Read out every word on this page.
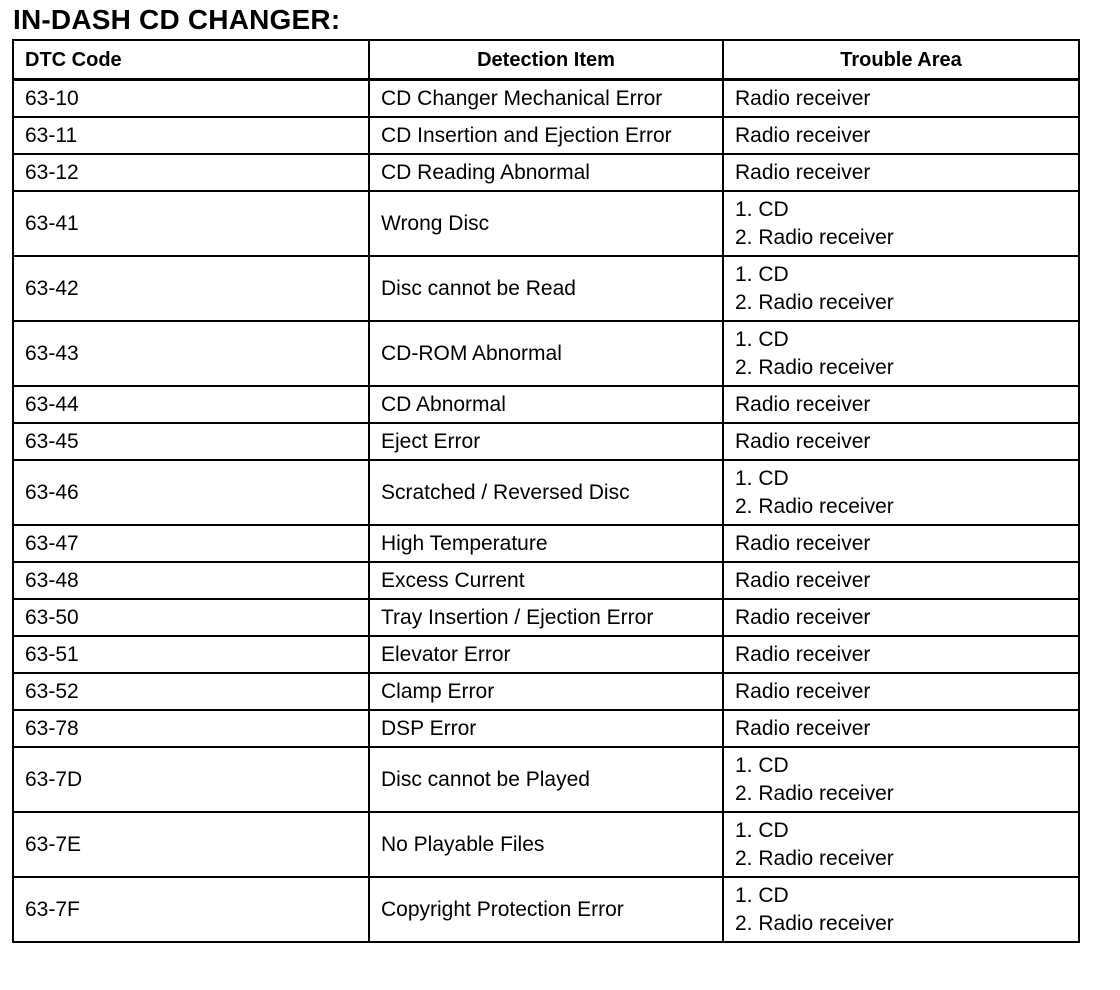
IN-DASH CD CHANGER:
DTC Code	Detection Item	Trouble Area
63-10	CD Changer Mechanical Error	Radio receiver

63-11	CD Insertion and Ejection Error	Radio receiver

63-12	CD Reading Abnormal	Radio receiver

63-41	Wrong Disc	1. CD
2. Radio receiver

63-42	Disc cannot be Read	1. CD
2. Radio receiver

63-43	CD-ROM Abnormal	1. CD
2. Radio receiver

63-44	CD Abnormal	Radio receiver

63-45	Eject Error	Radio receiver

63-46	Scratched / Reversed Disc	1. CD
2. Radio receiver

63-47	High Temperature	Radio receiver

63-48	Excess Current	Radio receiver

63-50	Tray Insertion / Ejection Error	Radio receiver

63-51	Elevator Error	Radio receiver

63-52	Clamp Error	Radio receiver

63-78	DSP Error	Radio receiver

63-7D	Disc cannot be Played	1. CD
2. Radio receiver

63-7E	No Playable Files	1. CD
2. Radio receiver

63-7F	Copyright Protection Error	1. CD
2. Radio receiver
